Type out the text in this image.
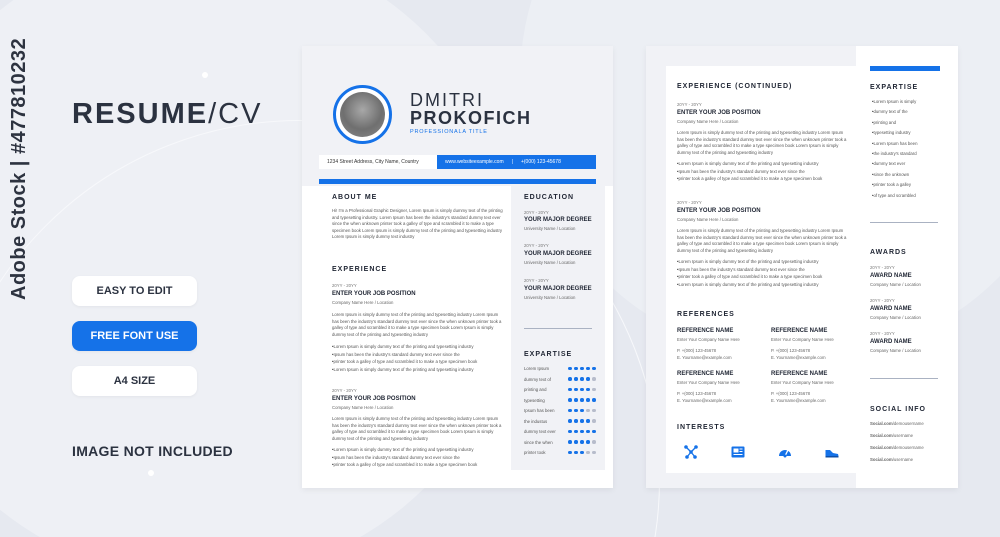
Adobe Stock | #477810232 RESUME/CV
EASY TO EDIT
FREE FONT USE
A4 SIZE
IMAGE NOT INCLUDED
DMITRI
PROKOFICH
PROFESSIONALA TITLE
1234 Street Address, City Name, Country	www.websiteexample.com | +(000) 123-45678
ABOUT ME
Hi! I'm a Professional Graphic Designer, Lorem Ipsum is simply dummy text of the printing and typesetting industry. Lorem Ipsum has been the industry's standard dummy text ever since the when unknown printer took a galley of type and scrambled it to make a type specimen book Lorem Ipsum is simply dummy text of the printing and typesetting industry Lorem Ipsum is simply dummy text industry
EXPERIENCE
20YY - 20YY
ENTER YOUR JOB POSITION
Company Name Here / Location
Lorem Ipsum is simply dummy text of the printing and typesetting industry Lorem Ipsum has been the industry's standard dummy text ever since the when unknown printer took a galley of type and scrambled it to make a type specimen book Lorem Ipsum is simply dummy text of the printing and typesetting industry
• Lorem Ipsum is simply dummy text of the printing and typesetting industry
• Ipsum has been the industry's standard dummy text ever since the
• printer took a galley of type and scrambled it to make a type specimen book
• Lorem Ipsum is simply dummy text of the printing and typesetting industry
20YY - 20YY
ENTER YOUR JOB POSITION
Company Name Here / Location
Lorem Ipsum is simply dummy text of the printing and typesetting industry Lorem Ipsum has been the industry's standard dummy text ever since the when unknown printer took a galley of type and scrambled it to make a type specimen book Lorem Ipsum is simply dummy text of the printing and typesetting industry
• Lorem Ipsum is simply dummy text of the printing and typesetting industry
• Ipsum has been the industry's standard dummy text ever since the
• printer took a galley of type and scrambled it to make a type specimen book
EDUCATION
20YY - 20YY
YOUR MAJOR DEGREE
University Name / Location
20YY - 20YY
YOUR MAJOR DEGREE
University Name / Location
20YY - 20YY
YOUR MAJOR DEGREE
University Name / Location
EXPARTISE
Lorem Ipsum
dummy text of
printing and
typesetting
Ipsum has been
the industus
dummy text ever
since the when
printer took
EXPERIENCE (CONTINUED)
20YY - 20YY
ENTER YOUR JOB POSITION
Company Name Here / Location
Lorem Ipsum is simply dummy text of the printing and typesetting industry Lorem Ipsum has been the industry's standard dummy text ever since the when unknown printer took a galley of type and scrambled it to make a type specimen book Lorem Ipsum is simply dummy text of the printing and typesetting industry
• Lorem Ipsum is simply dummy text of the printing and typesetting industry
• Ipsum has been the industry's standard dummy text ever since the
• printer took a galley of type and scrambled it to make a type specimen book
20YY - 20YY
ENTER YOUR JOB POSITION
Company Name Here / Location
Lorem Ipsum is simply dummy text of the printing and typesetting industry Lorem Ipsum has been the industry's standard dummy text ever since the when unknown printer took a galley of type and scrambled it to make a type specimen book Lorem Ipsum is simply dummy text of the printing and typesetting industry
• Lorem Ipsum is simply dummy text of the printing and typesetting industry
• Ipsum has been the industry's standard dummy text ever since the
• printer took a galley of type and scrambled it to make a type specimen book
• Lorem Ipsum is simply dummy text of the printing and typesetting industry
REFERENCES
REFERENCE NAME
Enter Your Company Name Here
P. +(000) 123-45678
E. Yourname@example.com
REFERENCE NAME
Enter Your Company Name Here
P. +(000) 123-45678
E. Yourname@example.com
REFERENCE NAME
Enter Your Company Name Here
P. +(000) 123-45678
E. Yourname@example.com
REFERENCE NAME
Enter Your Company Name Here
P. +(000) 123-45678
E. Yourname@example.com
INTERESTS
EXPARTISE
• Lorem Ipsum is simply
• dummy text of the
• printing and
• typesetting industry
• Lorem Ipsum has been
• the industry's standard
• dummy text ever
• since the unknown
• printer took a galley
• of type and scrambled
AWARDS
20YY - 20YY
AWARD NAME
Company Name / Location
20YY - 20YY
AWARD NAME
Company Name / Location
20YY - 20YY
AWARD NAME
Company Name / Location
SOCIAL INFO
Social.com/demousername
Social.com/username
Social.com/demousername
Social.com/username
